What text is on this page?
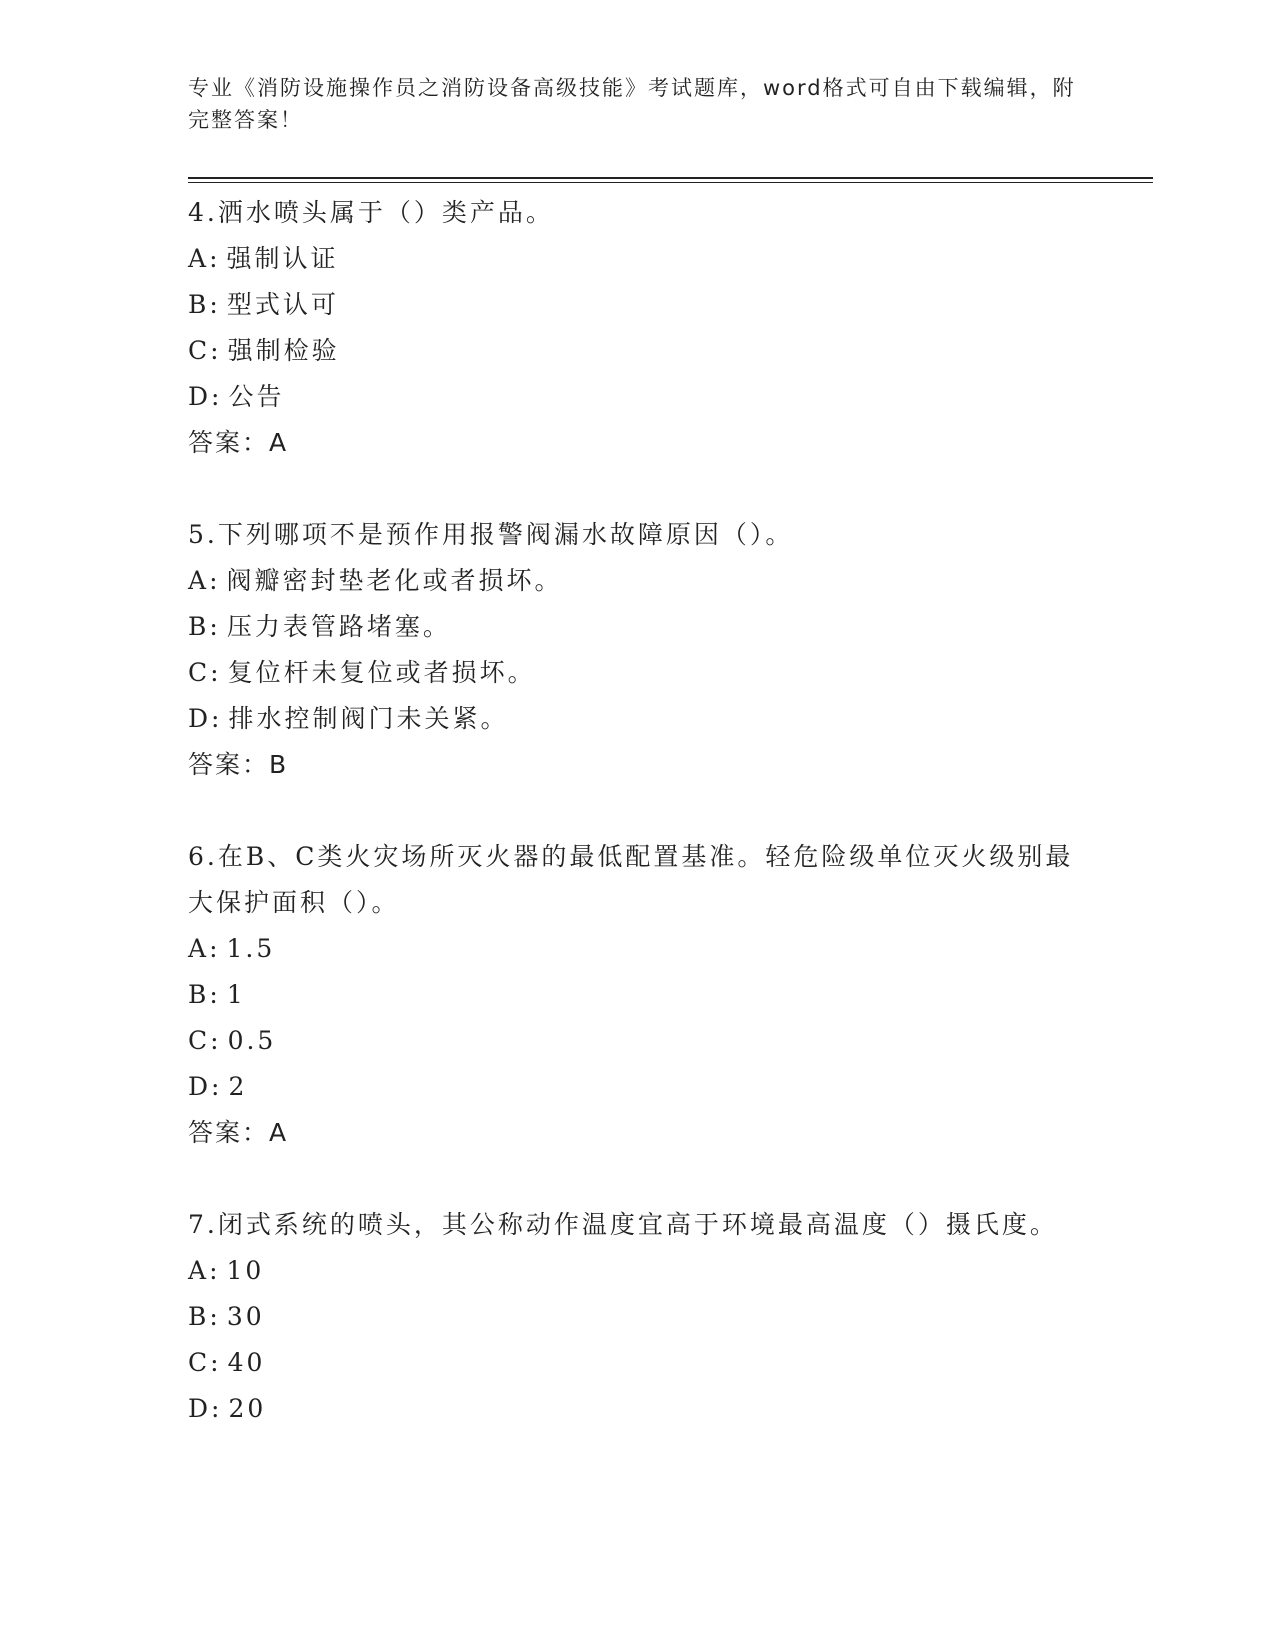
专业《消防设施操作员之消防设备高级技能》考试题库，word格式可自由下载编辑，附完整答案！

4.洒水喷头属于（）类产品。

A: 强制认证
B: 型式认可
C: 强制检验
D: 公告
答案：A

5.下列哪项不是预作用报警阀漏水故障原因（）。

A: 阀瓣密封垫老化或者损坏。
B: 压力表管路堵塞。
C: 复位杆未复位或者损坏。
D: 排水控制阀门未关紧。
答案：B

6.在B、C类火灾场所灭火器的最低配置基准。轻危险级单位灭火级别最大保护面积（）。

A: 1.5
B: 1
C: 0.5
D: 2
答案：A

7.闭式系统的喷头，其公称动作温度宜高于环境最高温度（）摄氏度。

A: 10
B: 30
C: 40
D: 20
